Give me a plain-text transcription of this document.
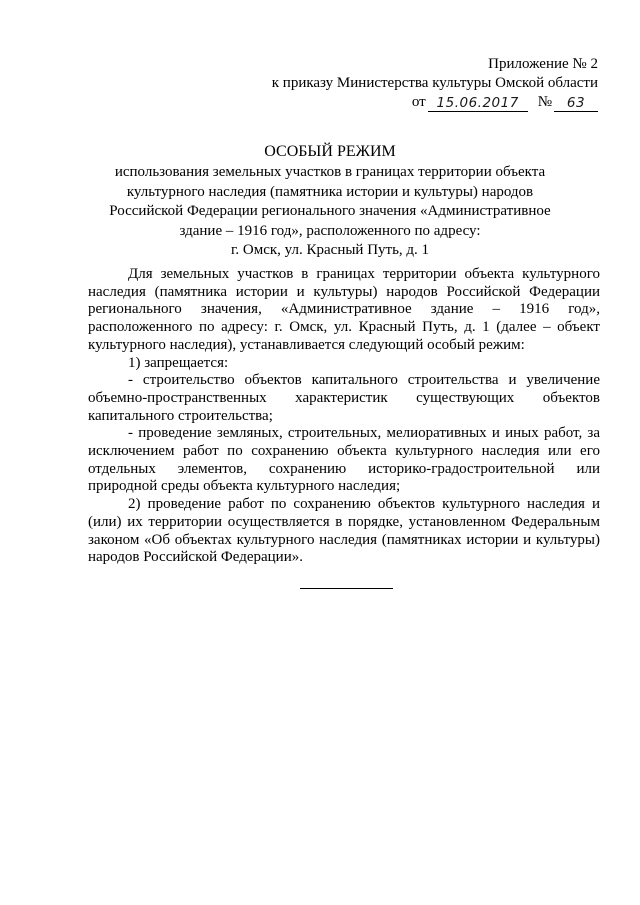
Приложение № 2
к приказу Министерства культуры Омской области
от 15.06.2017	№	63
ОСОБЫЙ РЕЖИМ
использования земельных участков в границах территории объекта
культурного наследия (памятника истории и культуры) народов
Российской Федерации регионального значения «Административное
здание – 1916 год», расположенного по адресу:
г. Омск, ул. Красный Путь, д. 1

Для земельных участков в границах территории объекта культурного наследия (памятника истории и культуры) народов Российской Федерации регионального значения, «Административное здание – 1916 год», расположенного по адресу: г. Омск, ул. Красный Путь, д. 1 (далее – объект культурного наследия), устанавливается следующий особый режим:

1) запрещается:

- строительство объектов капитального строительства и увеличение объемно-пространственных характеристик существующих объектов капитального строительства;

- проведение земляных, строительных, мелиоративных и иных работ, за исключением работ по сохранению объекта культурного наследия или его отдельных элементов, сохранению историко-градостроительной или природной среды объекта культурного наследия;

2) проведение работ по сохранению объектов культурного наследия и (или) их территории осуществляется в порядке, установленном Федеральным законом «Об объектах культурного наследия (памятниках истории и культуры) народов Российской Федерации».
